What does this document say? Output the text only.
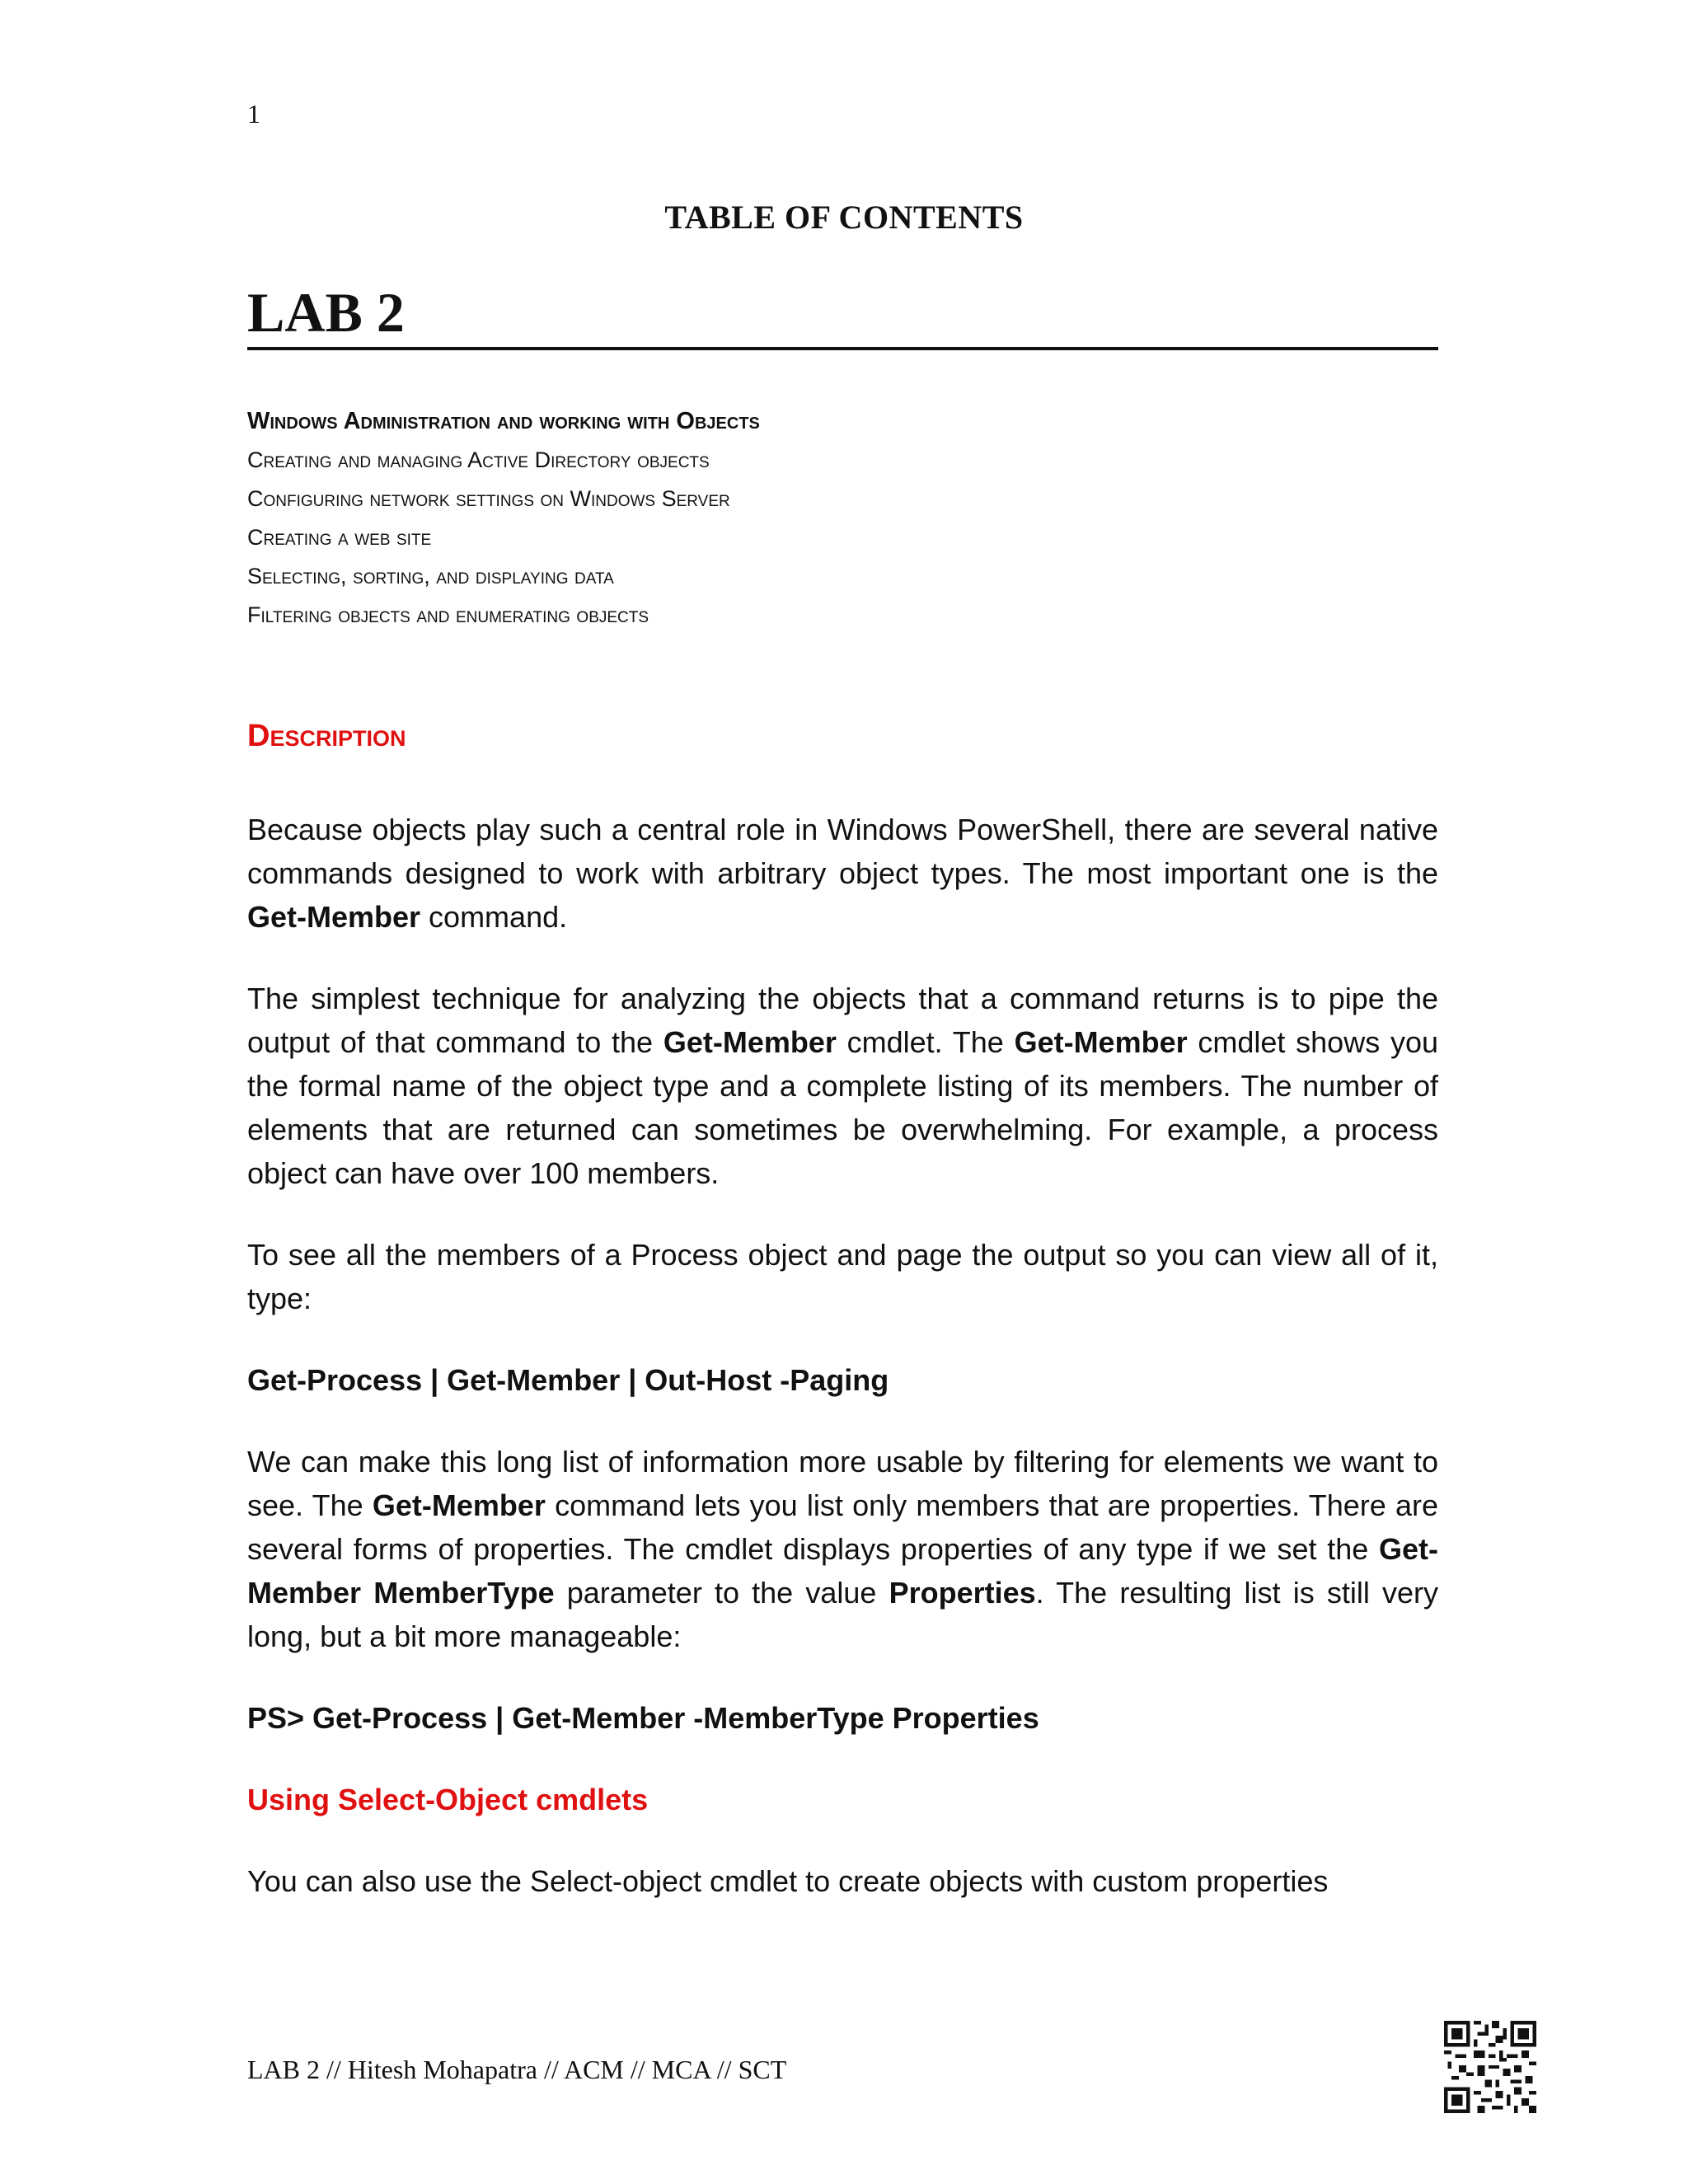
1
TABLE OF CONTENTS
LAB 2
Windows Administration and working with Objects
Creating and managing Active Directory objects
Configuring network settings on Windows Server
Creating a web site
Selecting, sorting, and displaying data
Filtering objects and enumerating objects
Description

Because objects play such a central role in Windows PowerShell, there are several native commands designed to work with arbitrary object types. The most important one is the Get-Member command.

The simplest technique for analyzing the objects that a command returns is to pipe the output of that command to the Get-Member cmdlet. The Get-Member cmdlet shows you the formal name of the object type and a complete listing of its members. The number of elements that are returned can sometimes be overwhelming. For example, a process object can have over 100 members.

To see all the members of a Process object and page the output so you can view all of it, type:

Get-Process | Get-Member | Out-Host -Paging

We can make this long list of information more usable by filtering for elements we want to see. The Get-Member command lets you list only members that are properties. There are several forms of properties. The cmdlet displays properties of any type if we set the Get-Member MemberType parameter to the value Properties. The resulting list is still very long, but a bit more manageable:

PS> Get-Process | Get-Member -MemberType Properties

Using Select-Object cmdlets

You can also use the Select-object cmdlet to create objects with custom properties

LAB 2 // Hitesh Mohapatra // ACM // MCA // SCT
